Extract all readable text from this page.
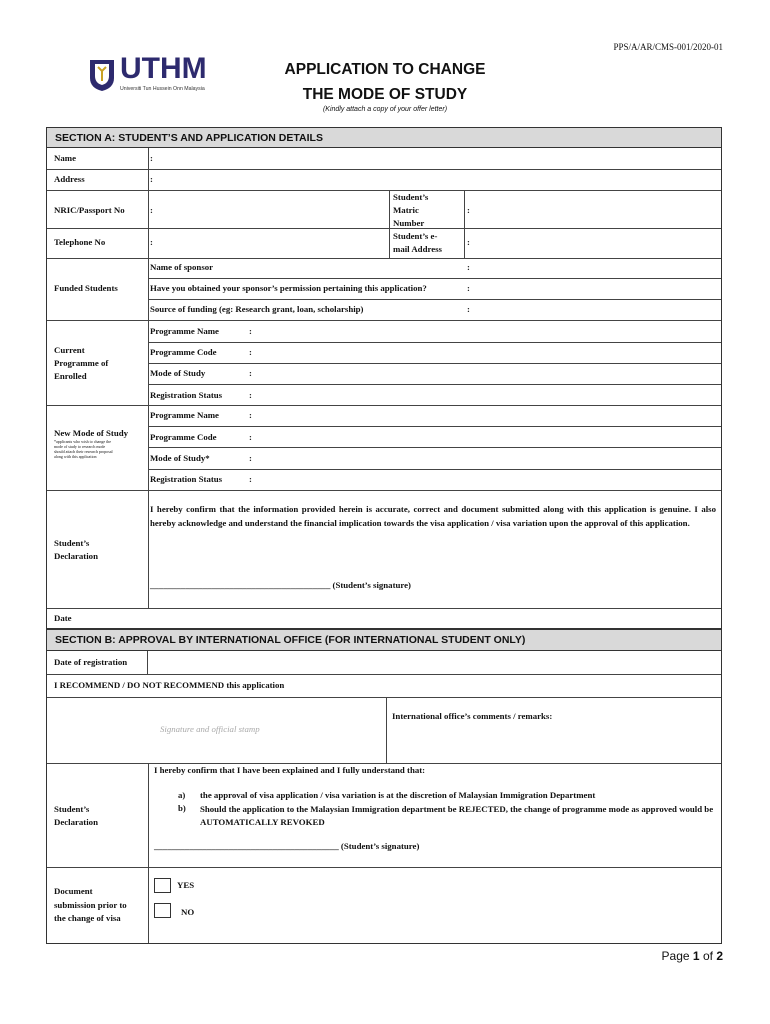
PPS/A/AR/CMS-001/2020-01
UTHM
Universiti Tun Hussein Onn Malaysia
APPLICATION TO CHANGE
THE MODE OF STUDY
(Kindly attach a copy of your offer letter)
SECTION A: STUDENT’S AND APPLICATION DETAILS
Name	:
Address	:
NRIC/Passport No	:
Student’s
Matric
Number
:
Telephone No	:
Student’s e-
mail Address
:
Funded Students
Name of sponsor	:
Have you obtained your sponsor’s permission pertaining this application?	:
Source of funding (eg: Research grant, loan, scholarship)	:
Current
Programme of
Enrolled
Programme Name	:
Programme Code	:
Mode of Study	:
Registration Status	:
New Mode of Study
*applicants who wish to change the
mode of study to research mode
should attach their research proposal
along with this application
Programme Name	:
Programme Code	:
Mode of Study*	:
Registration Status	:
Student’s
Declaration
I hereby confirm that the information provided herein is accurate, correct and document submitted along with this application is genuine. I also hereby acknowledge and understand the financial implication towards the visa application / visa variation upon the approval of this application.
_________________________________________ (Student’s signature)
Date
SECTION B: APPROVAL BY INTERNATIONAL OFFICE (FOR INTERNATIONAL STUDENT ONLY)
Date of registration
I RECOMMEND / DO NOT RECOMMEND this application
Signature and official stamp
International office’s comments / remarks:
Student’s
Declaration
I hereby confirm that I have been explained and I fully understand that:
a) the approval of visa application / visa variation is at the discretion of Malaysian Immigration Department
b) Should the application to the Malaysian Immigration department be REJECTED, the change of programme mode as approved would be AUTOMATICALLY REVOKED
__________________________________________ (Student’s signature)
Document
submission prior to
the change of visa
YES
NO
Page 1 of 2
